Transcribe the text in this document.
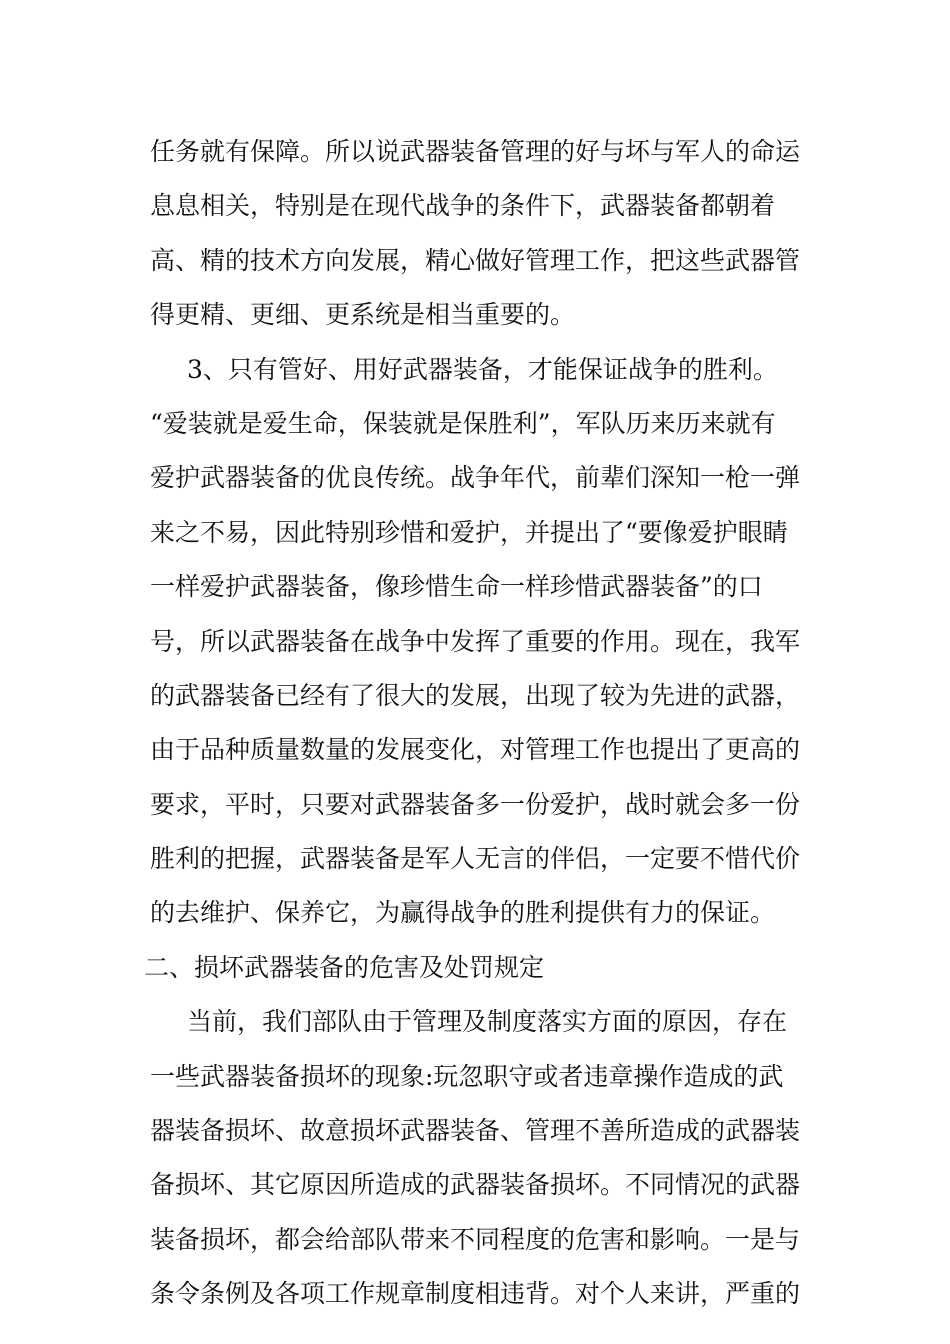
任务就有保障。所以说武器装备管理的好与坏与军人的命运
息息相关，特别是在现代战争的条件下，武器装备都朝着
高、精的技术方向发展，精心做好管理工作，把这些武器管
得更精、更细、更系统是相当重要的。
3、只有管好、用好武器装备，才能保证战争的胜利。
“爱装就是爱生命，保装就是保胜利”，军队历来历来就有
爱护武器装备的优良传统。战争年代，前辈们深知一枪一弹
来之不易，因此特别珍惜和爱护，并提出了“要像爱护眼睛
一样爱护武器装备，像珍惜生命一样珍惜武器装备”的口
号，所以武器装备在战争中发挥了重要的作用。现在，我军
的武器装备已经有了很大的发展，出现了较为先进的武器，
由于品种质量数量的发展变化，对管理工作也提出了更高的
要求，平时，只要对武器装备多一份爱护，战时就会多一份
胜利的把握，武器装备是军人无言的伴侣，一定要不惜代价
的去维护、保养它，为赢得战争的胜利提供有力的保证。
二、损坏武器装备的危害及处罚规定
当前，我们部队由于管理及制度落实方面的原因，存在
一些武器装备损坏的现象:玩忽职守或者违章操作造成的武
器装备损坏、故意损坏武器装备、管理不善所造成的武器装
备损坏、其它原因所造成的武器装备损坏。不同情况的武器
装备损坏，都会给部队带来不同程度的危害和影响。一是与
条令条例及各项工作规章制度相违背。对个人来讲，严重的
